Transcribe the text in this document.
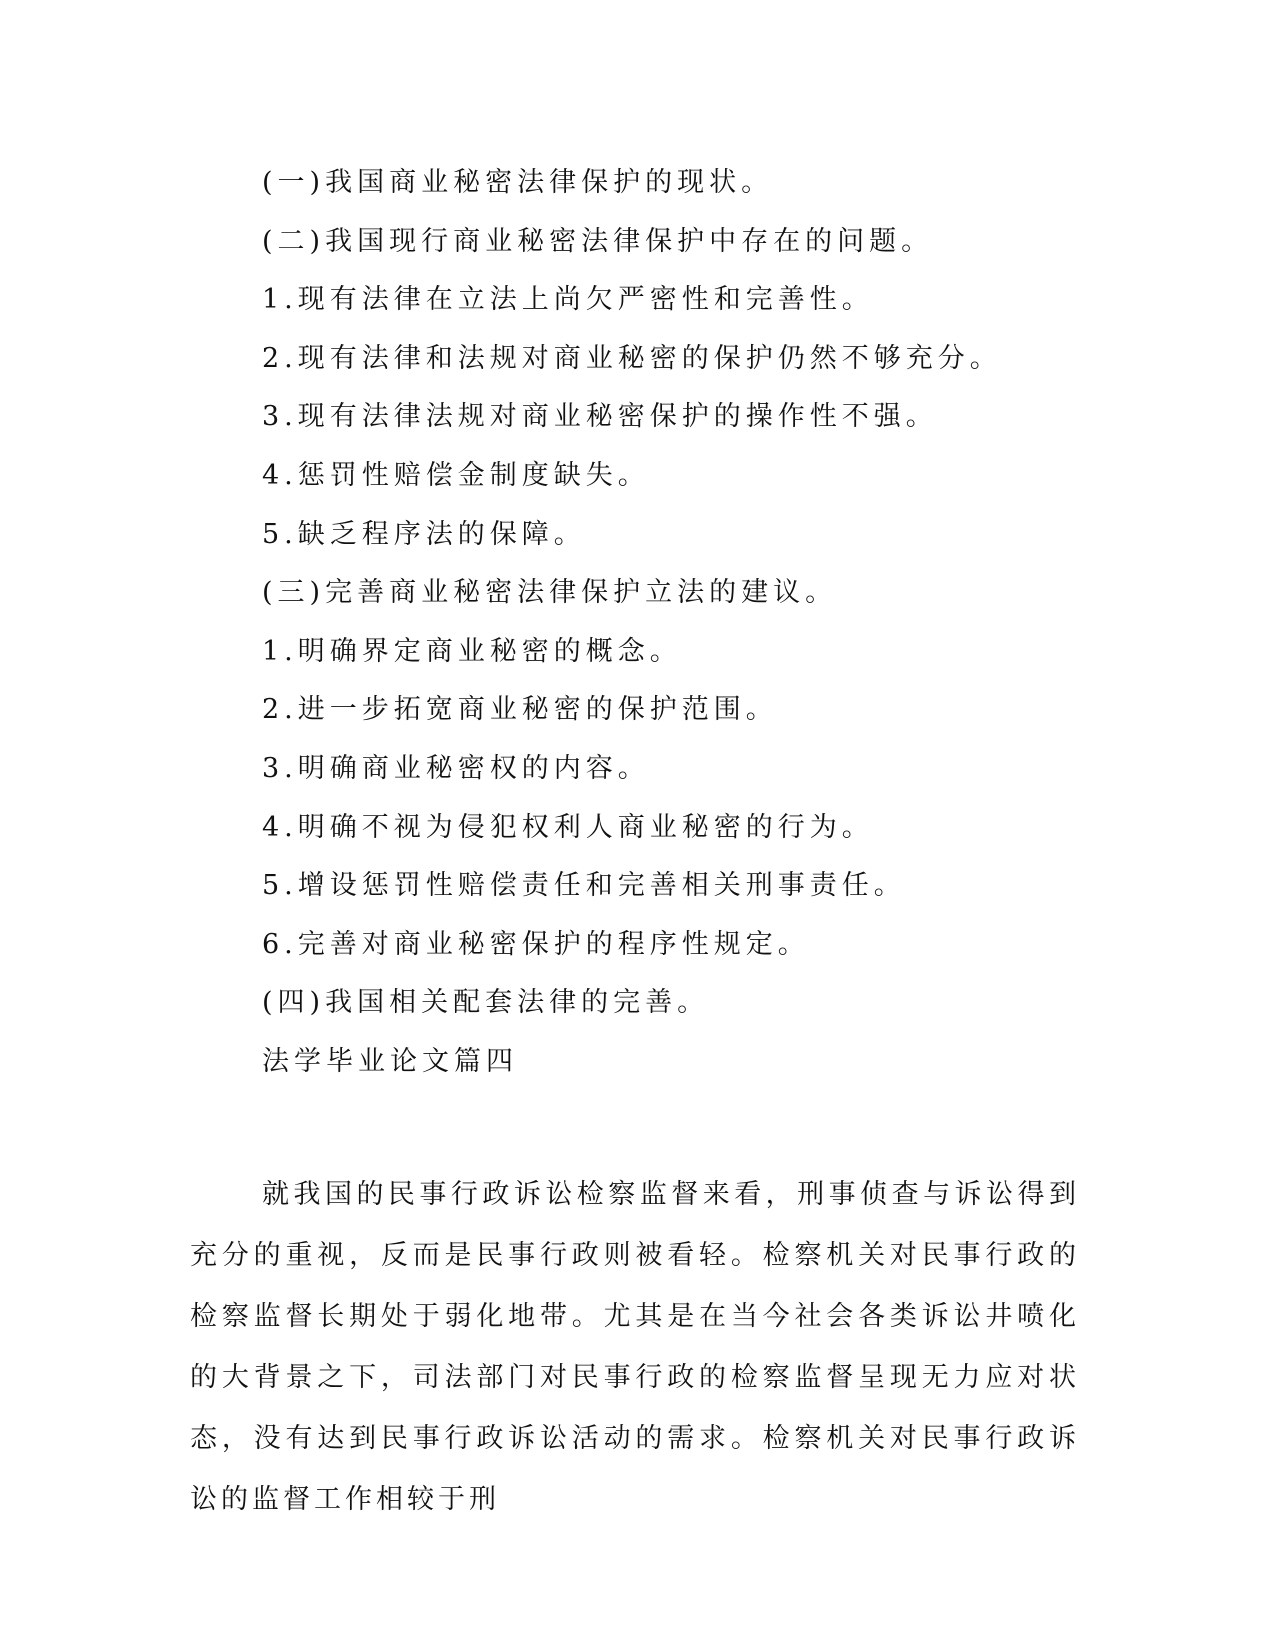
(一)我国商业秘密法律保护的现状。
(二)我国现行商业秘密法律保护中存在的问题。
1.现有法律在立法上尚欠严密性和完善性。
2.现有法律和法规对商业秘密的保护仍然不够充分。
3.现有法律法规对商业秘密保护的操作性不强。
4.惩罚性赔偿金制度缺失。
5.缺乏程序法的保障。
(三)完善商业秘密法律保护立法的建议。
1.明确界定商业秘密的概念。
2.进一步拓宽商业秘密的保护范围。
3.明确商业秘密权的内容。
4.明确不视为侵犯权利人商业秘密的行为。
5.增设惩罚性赔偿责任和完善相关刑事责任。
6.完善对商业秘密保护的程序性规定。
(四)我国相关配套法律的完善。
法学毕业论文篇四
就我国的民事行政诉讼检察监督来看，刑事侦查与诉讼得到充分的重视，反而是民事行政则被看轻。检察机关对民事行政的检察监督长期处于弱化地带。尤其是在当今社会各类诉讼井喷化的大背景之下，司法部门对民事行政的检察监督呈现无力应对状态，没有达到民事行政诉讼活动的需求。检察机关对民事行政诉讼的监督工作相较于刑
